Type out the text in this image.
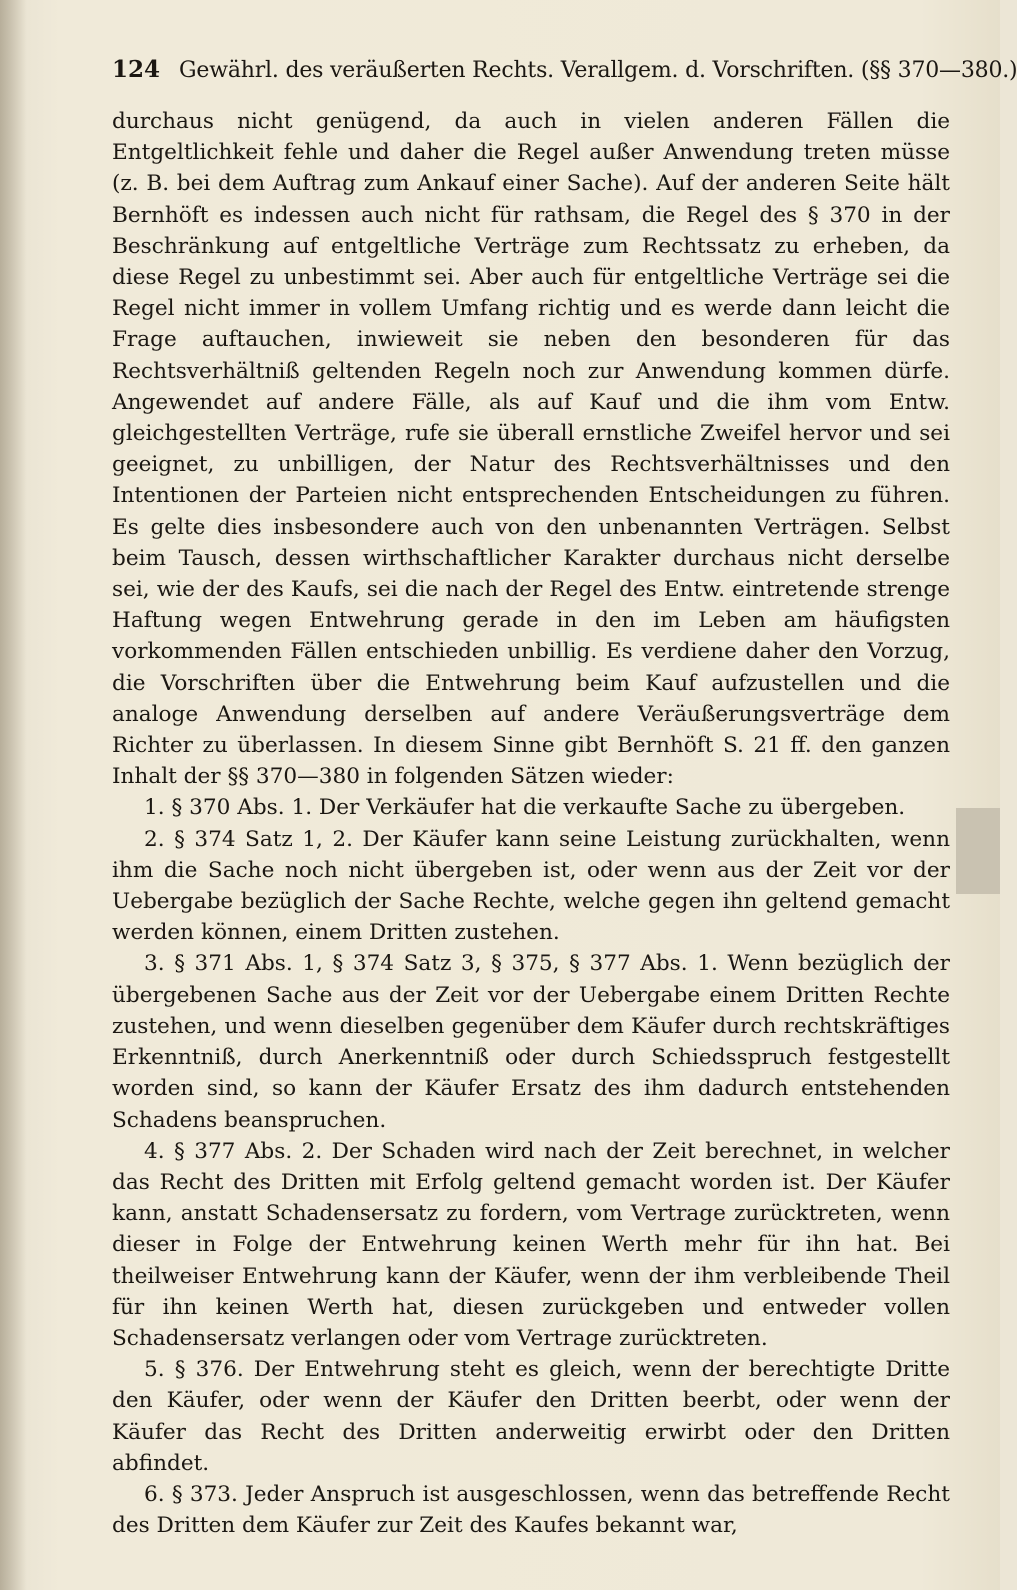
124 Gewährl. des veräußerten Rechts. Verallgem. d. Vorschriften. (§§ 370—380.)

durchaus nicht genügend, da auch in vielen anderen Fällen die Entgeltlichkeit fehle und daher die Regel außer Anwendung treten müsse (z. B. bei dem Auftrag zum Ankauf einer Sache). Auf der anderen Seite hält Bernhöft es indessen auch nicht für rathsam, die Regel des § 370 in der Beschränkung auf entgeltliche Verträge zum Rechtssatz zu erheben, da diese Regel zu unbestimmt sei. Aber auch für entgeltliche Verträge sei die Regel nicht immer in vollem Umfang richtig und es werde dann leicht die Frage auftauchen, inwieweit sie neben den besonderen für das Rechtsverhältniß geltenden Regeln noch zur Anwendung kommen dürfe. Angewendet auf andere Fälle, als auf Kauf und die ihm vom Entw. gleichgestellten Verträge, rufe sie überall ernstliche Zweifel hervor und sei geeignet, zu unbilligen, der Natur des Rechtsverhältnisses und den Intentionen der Parteien nicht entsprechenden Entscheidungen zu führen. Es gelte dies insbesondere auch von den unbenannten Verträgen. Selbst beim Tausch, dessen wirthschaftlicher Karakter durchaus nicht derselbe sei, wie der des Kaufs, sei die nach der Regel des Entw. eintretende strenge Haftung wegen Entwehrung gerade in den im Leben am häufigsten vorkommenden Fällen entschieden unbillig. Es verdiene daher den Vorzug, die Vorschriften über die Entwehrung beim Kauf aufzustellen und die analoge Anwendung derselben auf andere Veräußerungsverträge dem Richter zu überlassen. In diesem Sinne gibt Bernhöft S. 21 ff. den ganzen Inhalt der §§ 370—380 in folgenden Sätzen wieder:

1. § 370 Abs. 1. Der Verkäufer hat die verkaufte Sache zu übergeben.

2. § 374 Satz 1, 2. Der Käufer kann seine Leistung zurückhalten, wenn ihm die Sache noch nicht übergeben ist, oder wenn aus der Zeit vor der Uebergabe bezüglich der Sache Rechte, welche gegen ihn geltend gemacht werden können, einem Dritten zustehen.

3. § 371 Abs. 1, § 374 Satz 3, § 375, § 377 Abs. 1. Wenn bezüglich der übergebenen Sache aus der Zeit vor der Uebergabe einem Dritten Rechte zustehen, und wenn dieselben gegenüber dem Käufer durch rechtskräftiges Erkenntniß, durch Anerkenntniß oder durch Schiedsspruch festgestellt worden sind, so kann der Käufer Ersatz des ihm dadurch entstehenden Schadens beanspruchen.

4. § 377 Abs. 2. Der Schaden wird nach der Zeit berechnet, in welcher das Recht des Dritten mit Erfolg geltend gemacht worden ist. Der Käufer kann, anstatt Schadensersatz zu fordern, vom Vertrage zurücktreten, wenn dieser in Folge der Entwehrung keinen Werth mehr für ihn hat. Bei theilweiser Entwehrung kann der Käufer, wenn der ihm verbleibende Theil für ihn keinen Werth hat, diesen zurückgeben und entweder vollen Schadensersatz verlangen oder vom Vertrage zurücktreten.

5. § 376. Der Entwehrung steht es gleich, wenn der berechtigte Dritte den Käufer, oder wenn der Käufer den Dritten beerbt, oder wenn der Käufer das Recht des Dritten anderweitig erwirbt oder den Dritten abfindet.

6. § 373. Jeder Anspruch ist ausgeschlossen, wenn das betreffende Recht des Dritten dem Käufer zur Zeit des Kaufes bekannt war,
